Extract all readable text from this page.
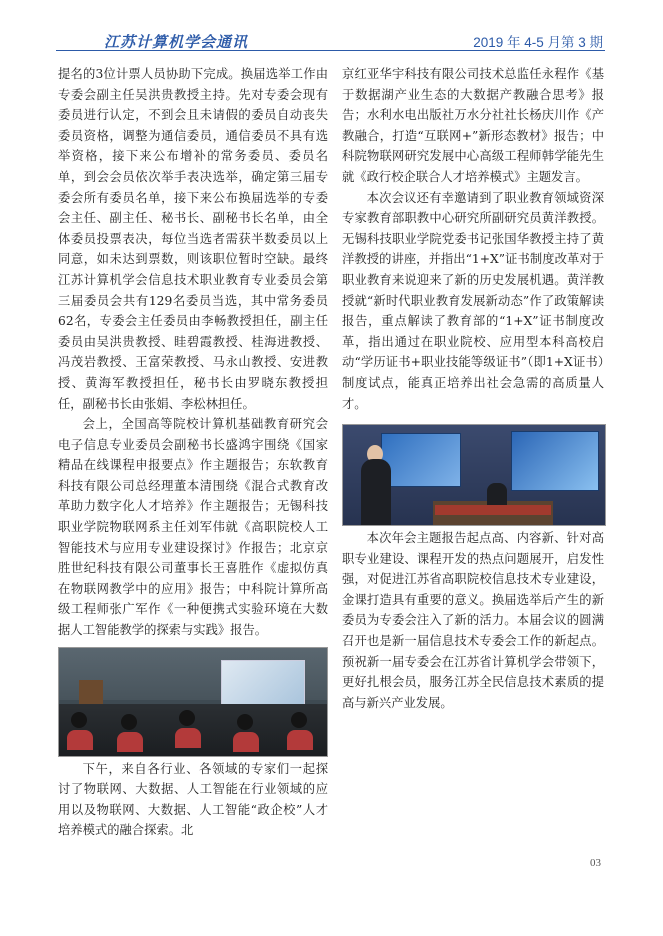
江苏计算机学会通讯	2019 年 4-5 月第 3 期

提名的3位计票人员协助下完成。换届选举工作由专委会副主任吴洪贵教授主持。先对专委会现有委员进行认定，不到会且未请假的委员自动丧失委员资格，调整为通信委员，通信委员不具有选举资格，接下来公布增补的常务委员、委员名单，到会会员依次举手表决选举，确定第三届专委会所有委员名单，接下来公布换届选举的专委会主任、副主任、秘书长、副秘书长名单，由全体委员投票表决，每位当选者需获半数委员以上同意，如未达到票数，则该职位暂时空缺。最终江苏计算机学会信息技术职业教育专业委员会第三届委员会共有129名委员当选，其中常务委员62名，专委会主任委员由李畅教授担任，副主任委员由吴洪贵教授、眭碧霞教授、桂海进教授、冯茂岩教授、王富荣教授、马永山教授、安进教授、黄海军教授担任，秘书长由罗晓东教授担任，副秘书长由张娟、李松林担任。

会上，全国高等院校计算机基础教育研究会电子信息专业委员会副秘书长盛鸿宇围绕《国家精品在线课程申报要点》作主题报告；东软教育科技有限公司总经理董本清围绕《混合式教育改革助力数字化人才培养》作主题报告；无锡科技职业学院物联网系主任刘军伟就《高职院校人工智能技术与应用专业建设探讨》作报告；北京京胜世纪科技有限公司董事长王喜胜作《虚拟仿真在物联网教学中的应用》报告；中科院计算所高级工程师张广军作《一种便携式实验环境在大数据人工智能教学的探索与实践》报告。

下午，来自各行业、各领域的专家们一起探讨了物联网、大数据、人工智能在行业领域的应用以及物联网、大数据、人工智能“政企校”人才培养模式的融合探索。北

京红亚华宇科技有限公司技术总监任永程作《基于数据湖产业生态的大数据产教融合思考》报告；水利水电出版社万水分社社长杨庆川作《产教融合，打造“互联网+”新形态教材》报告；中科院物联网研究发展中心高级工程师韩学能先生就《政行校企联合人才培养模式》主题发言。

本次会议还有幸邀请到了职业教育领域资深专家教育部职教中心研究所副研究员黄洋教授。无锡科技职业学院党委书记张国华教授主持了黄洋教授的讲座，并指出“1+X”证书制度改革对于职业教育来说迎来了新的历史发展机遇。黄洋教授就“新时代职业教育发展新动态”作了政策解读报告，重点解读了教育部的“1+X”证书制度改革，指出通过在职业院校、应用型本科高校启动“学历证书+职业技能等级证书”（即1+X证书）制度试点，能真正培养出社会急需的高质量人才。

本次年会主题报告起点高、内容新、针对高职专业建设、课程开发的热点问题展开，启发性强，对促进江苏省高职院校信息技术专业建设，金课打造具有重要的意义。换届选举后产生的新委员为专委会注入了新的活力。本届会议的圆满召开也是新一届信息技术专委会工作的新起点。预祝新一届专委会在江苏省计算机学会带领下，更好扎根会员，服务江苏全民信息技术素质的提高与新兴产业发展。

03
